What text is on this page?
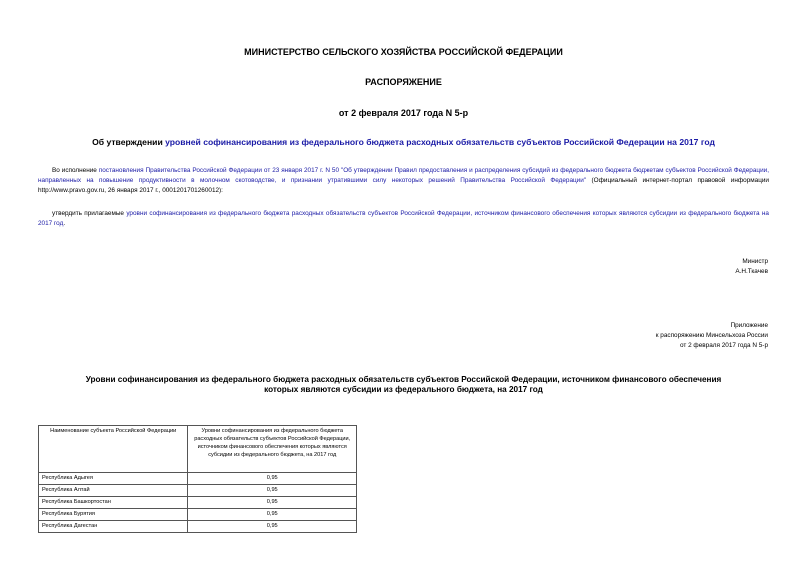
МИНИСТЕРСТВО СЕЛЬСКОГО ХОЗЯЙСТВА РОССИЙСКОЙ ФЕДЕРАЦИИ
РАСПОРЯЖЕНИЕ
от 2 февраля 2017 года N 5-р
Об утверждении уровней софинансирования из федерального бюджета расходных обязательств субъектов Российской Федерации на 2017 год
Во исполнение постановления Правительства Российской Федерации от 23 января 2017 г. N 50 "Об утверждении Правил предоставления и распределения субсидий из федерального бюджета бюджетам субъектов Российской Федерации, направленных на повышение продуктивности в молочном скотоводстве, и признании утратившими силу некоторых решений Правительства Российской Федерации" (Официальный интернет-портал правовой информации http://www.pravo.gov.ru, 26 января 2017 г., 0001201701260012):
утвердить прилагаемые уровни софинансирования из федерального бюджета расходных обязательств субъектов Российской Федерации, источником финансового обеспечения которых являются субсидии из федерального бюджета на 2017 год.
Министр
А.Н.Ткачев
Приложение
к распоряжению Минсельхоза России
от 2 февраля 2017 года N 5-р
Уровни софинансирования из федерального бюджета расходных обязательств субъектов Российской Федерации, источником финансового обеспечения
которых являются субсидии из федерального бюджета, на 2017 год
Наименование субъекта Российской Федерации	Уровни софинансирования из федерального бюджета расходных обязательств субъектов Российской Федерации, источником финансового обеспечения которых являются субсидии из федерального бюджета, на 2017 год
Республика Адыгея	0,95
Республика Алтай	0,95
Республика Башкортостан	0,95
Республика Бурятия	0,95
Республика Дагестан	0,95
